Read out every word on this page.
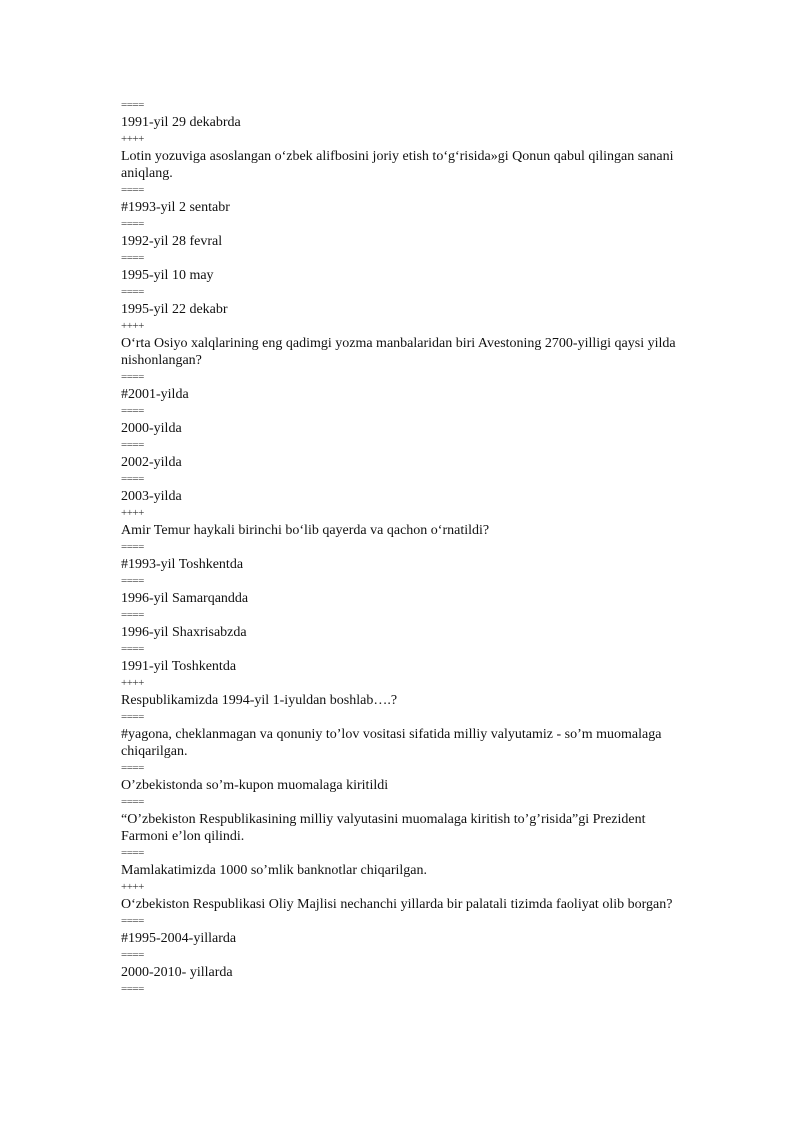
====
1991-yil 29 dekabrda
++++
Lotin yozuviga asoslangan o‘zbek alifbosini joriy etish to‘g‘risida»gi Qonun qabul qilingan sanani aniqlang.
====
#1993-yil 2 sentabr
====
1992-yil 28 fevral
====
1995-yil 10 may
====
1995-yil 22 dekabr
++++
O‘rta Osiyo xalqlarining eng qadimgi yozma manbalaridan biri Avestoning 2700-yilligi qaysi yilda nishonlangan?
====
#2001-yilda
====
2000-yilda
====
2002-yilda
====
2003-yilda
++++
Amir Temur haykali birinchi bo‘lib qayerda va qachon o‘rnatildi?
====
#1993-yil Toshkentda
====
1996-yil Samarqandda
====
1996-yil Shaxrisabzda
====
1991-yil Toshkentda
++++
Respublikamizda 1994-yil 1-iyuldan boshlab….?
====
#yagona, cheklanmagan va qonuniy to’lov vositasi sifatida milliy valyutamiz - so’m muomalaga chiqarilgan.
====
O’zbekistonda so’m-kupon muomalaga kiritildi
====
“O’zbekiston Respublikasining milliy valyutasini muomalaga kiritish to’g’risida”gi Prezident Farmoni e’lon qilindi.
====
Mamlakatimizda 1000 so’mlik banknotlar chiqarilgan.
++++
O‘zbekiston Respublikasi Oliy Majlisi nechanchi yillarda bir palatali tizimda faoliyat olib borgan?
====
#1995-2004-yillarda
====
2000-2010- yillarda
====
